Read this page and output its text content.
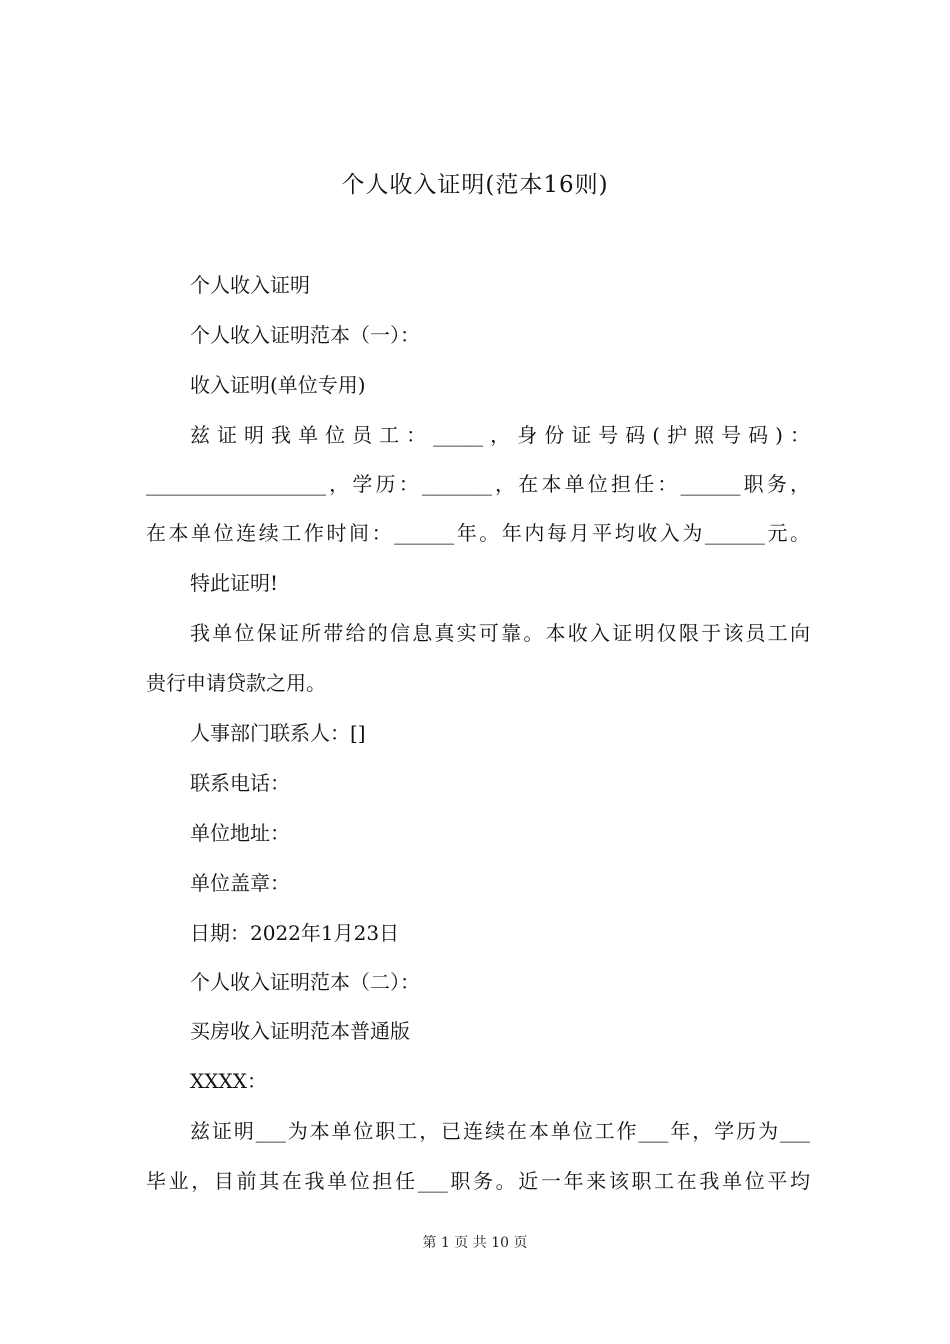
个人收入证明(范本16则)
个人收入证明
个人收入证明范本（一）：
收入证明(单位专用)
兹证明我单位员工：_____，身份证号码(护照号码)：
__________________，学历：_______，在本单位担任：______职务，
在本单位连续工作时间：______年。年内每月平均收入为______元。
特此证明!
我单位保证所带给的信息真实可靠。本收入证明仅限于该员工向
贵行申请贷款之用。
人事部门联系人：[]
联系电话：
单位地址：
单位盖章：
日期：2022年1月23日
个人收入证明范本（二）：
买房收入证明范本普通版
XXXX：
兹证明___为本单位职工，已连续在本单位工作___年，学历为___
毕业，目前其在我单位担任___职务。近一年来该职工在我单位平均
第 1 页 共 10 页
